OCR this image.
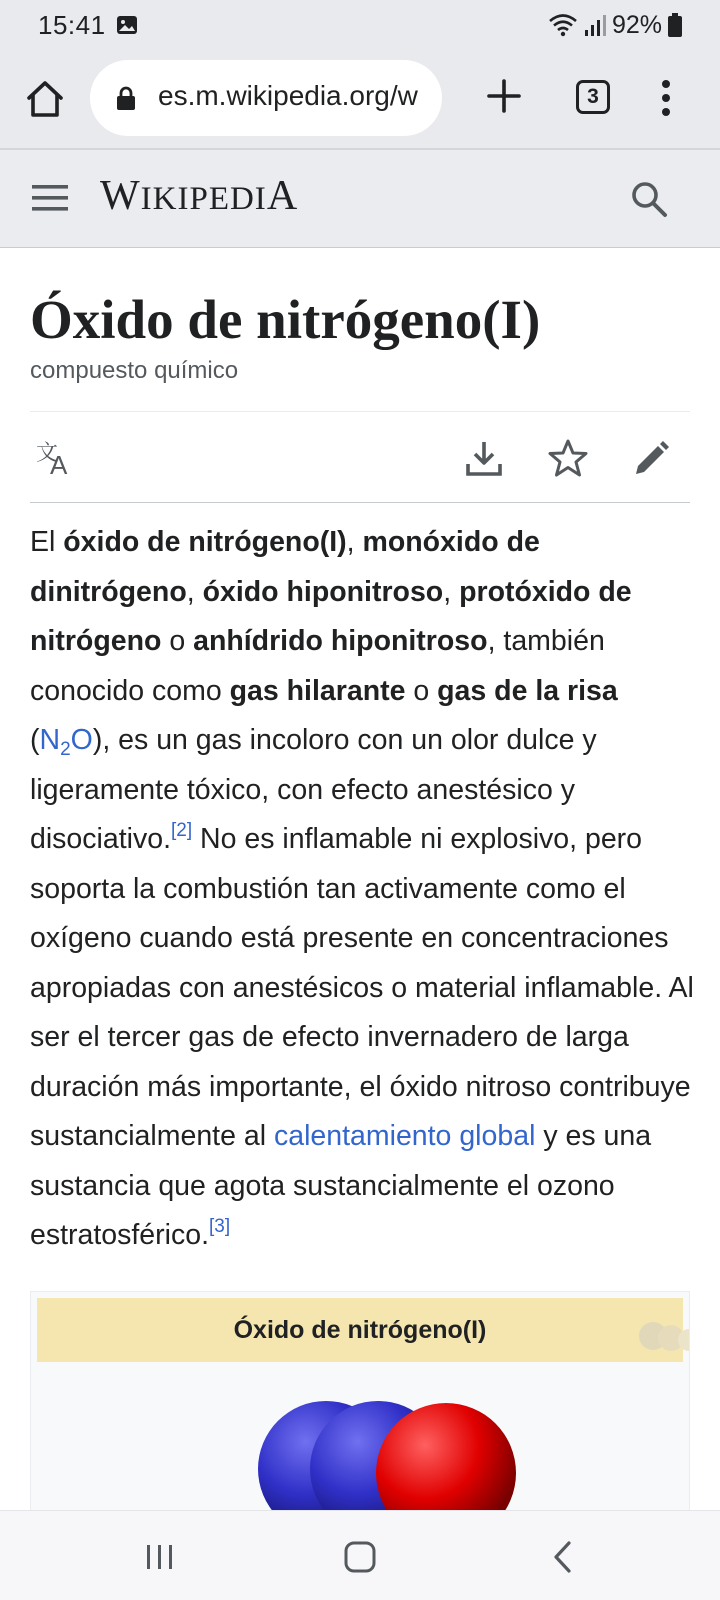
15:41	92%
es.m.wikipedia.org/w	3
WIKIPEDIA
Óxido de nitrógeno(I)
compuesto químico
文
A

El óxido de nitrógeno(I), monóxido de dinitrógeno, óxido hiponitroso, protóxido de nitrógeno o anhídrido hiponitroso, también conocido como gas hilarante o gas de la risa $(N_2O)$, es un gas incoloro con un olor dulce y ligeramente tóxico, con efecto anestésico y disociativo.[2] No es inflamable ni explosivo, pero soporta la combustión tan activamente como el oxígeno cuando está presente en concentraciones apropiadas con anestésicos o material inflamable. Al ser el tercer gas de efecto invernadero de larga duración más importante, el óxido nitroso contribuye sustancialmente al calentamiento global y es una sustancia que agota sustancialmente el ozono estratosférico.[3]

Óxido de nitrógeno(I)
